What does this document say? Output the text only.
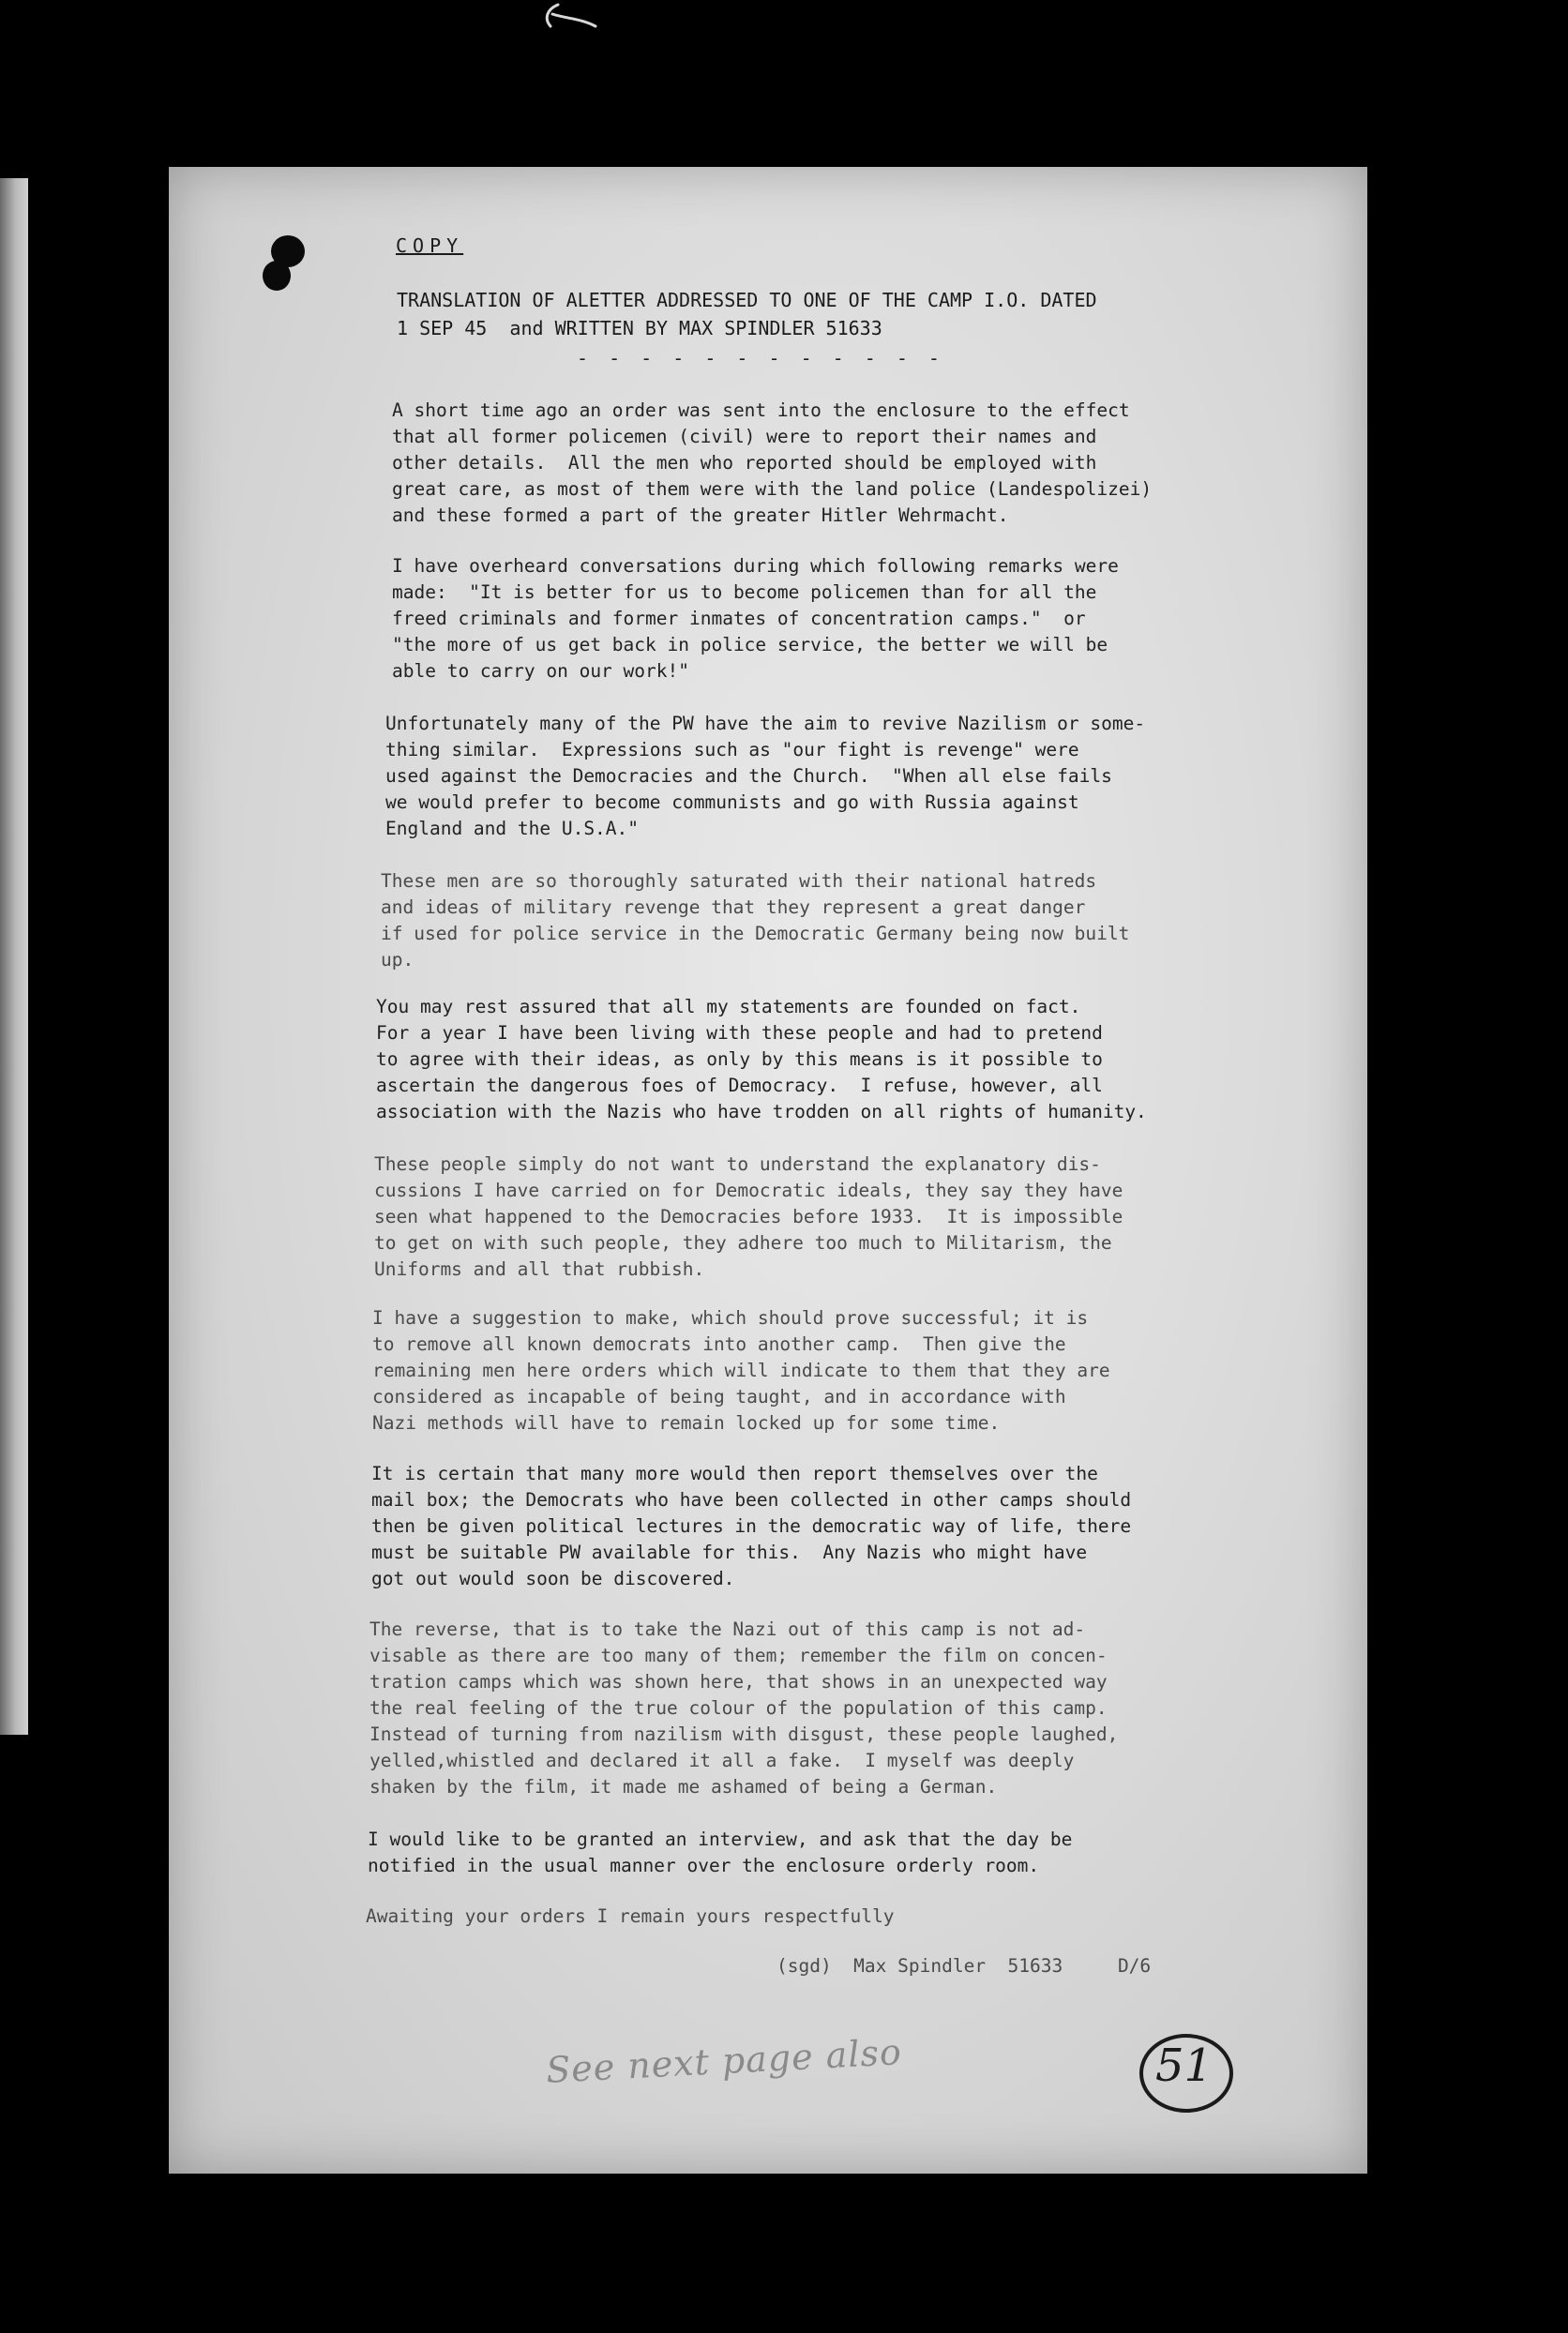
COPY
TRANSLATION OF ALETTER ADDRESSED TO ONE OF THE CAMP I.O. DATED
1 SEP 45  and WRITTEN BY MAX SPINDLER 51633
- - - - - - - - - - - -
A short time ago an order was sent into the enclosure to the effect
that all former policemen (civil) were to report their names and
other details.  All the men who reported should be employed with
great care, as most of them were with the land police (Landespolizei)
and these formed a part of the greater Hitler Wehrmacht.
I have overheard conversations during which following remarks were
made:  "It is better for us to become policemen than for all the
freed criminals and former inmates of concentration camps."  or
"the more of us get back in police service, the better we will be
able to carry on our work!"
Unfortunately many of the PW have the aim to revive Nazilism or some-
thing similar.  Expressions such as "our fight is revenge" were
used against the Democracies and the Church.  "When all else fails
we would prefer to become communists and go with Russia against
England and the U.S.A."
These men are so thoroughly saturated with their national hatreds
and ideas of military revenge that they represent a great danger
if used for police service in the Democratic Germany being now built
up.
You may rest assured that all my statements are founded on fact.
For a year I have been living with these people and had to pretend
to agree with their ideas, as only by this means is it possible to
ascertain the dangerous foes of Democracy.  I refuse, however, all
association with the Nazis who have trodden on all rights of humanity.
These people simply do not want to understand the explanatory dis-
cussions I have carried on for Democratic ideals, they say they have
seen what happened to the Democracies before 1933.  It is impossible
to get on with such people, they adhere too much to Militarism, the
Uniforms and all that rubbish.
I have a suggestion to make, which should prove successful; it is
to remove all known democrats into another camp.  Then give the
remaining men here orders which will indicate to them that they are
considered as incapable of being taught, and in accordance with
Nazi methods will have to remain locked up for some time.
It is certain that many more would then report themselves over the
mail box; the Democrats who have been collected in other camps should
then be given political lectures in the democratic way of life, there
must be suitable PW available for this.  Any Nazis who might have
got out would soon be discovered.
The reverse, that is to take the Nazi out of this camp is not ad-
visable as there are too many of them; remember the film on concen-
tration camps which was shown here, that shows in an unexpected way
the real feeling of the true colour of the population of this camp.
Instead of turning from nazilism with disgust, these people laughed,
yelled,whistled and declared it all a fake.  I myself was deeply
shaken by the film, it made me ashamed of being a German.
I would like to be granted an interview, and ask that the day be
notified in the usual manner over the enclosure orderly room.
Awaiting your orders I remain yours respectfully
(sgd)  Max Spindler  51633     D/6
See next page also	51
